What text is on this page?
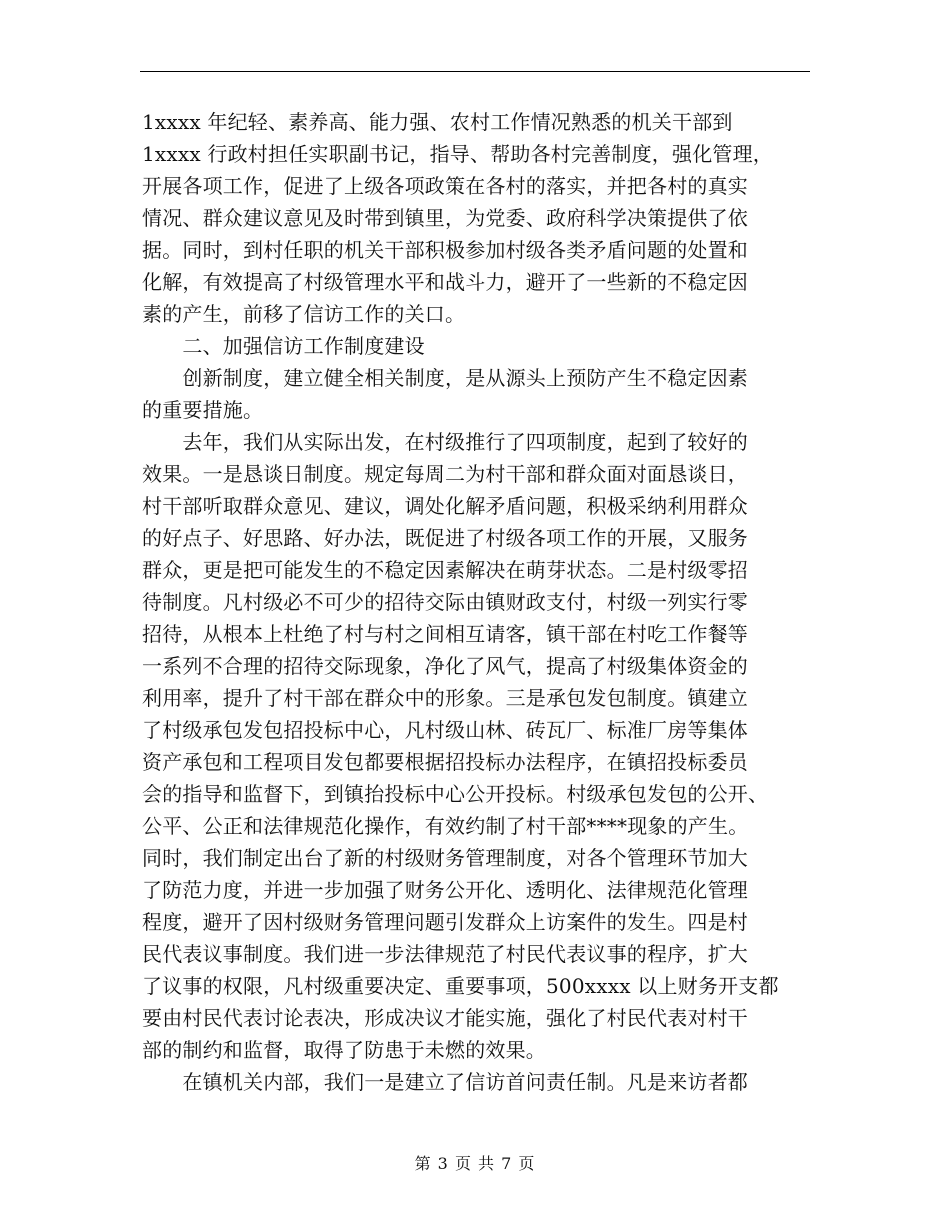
1xxxx 年纪轻、素养高、能力强、农村工作情况熟悉的机关干部到
1xxxx 行政村担任实职副书记，指导、帮助各村完善制度，强化管理，
开展各项工作，促进了上级各项政策在各村的落实，并把各村的真实
情况、群众建议意见及时带到镇里，为党委、政府科学决策提供了依
据。同时，到村任职的机关干部积极参加村级各类矛盾问题的处置和
化解，有效提高了村级管理水平和战斗力，避开了一些新的不稳定因
素的产生，前移了信访工作的关口。
　　二、加强信访工作制度建设
　　创新制度，建立健全相关制度，是从源头上预防产生不稳定因素
的重要措施。
　　去年，我们从实际出发，在村级推行了四项制度，起到了较好的
效果。一是恳谈日制度。规定每周二为村干部和群众面对面恳谈日，
村干部听取群众意见、建议，调处化解矛盾问题，积极采纳利用群众
的好点子、好思路、好办法，既促进了村级各项工作的开展，又服务
群众，更是把可能发生的不稳定因素解决在萌芽状态。二是村级零招
待制度。凡村级必不可少的招待交际由镇财政支付，村级一列实行零
招待，从根本上杜绝了村与村之间相互请客，镇干部在村吃工作餐等
一系列不合理的招待交际现象，净化了风气，提高了村级集体资金的
利用率，提升了村干部在群众中的形象。三是承包发包制度。镇建立
了村级承包发包招投标中心，凡村级山林、砖瓦厂、标准厂房等集体
资产承包和工程项目发包都要根据招投标办法程序，在镇招投标委员
会的指导和监督下，到镇抬投标中心公开投标。村级承包发包的公开、
公平、公正和法律规范化操作，有效约制了村干部****现象的产生。
同时，我们制定出台了新的村级财务管理制度，对各个管理环节加大
了防范力度，并进一步加强了财务公开化、透明化、法律规范化管理
程度，避开了因村级财务管理问题引发群众上访案件的发生。四是村
民代表议事制度。我们进一步法律规范了村民代表议事的程序，扩大
了议事的权限，凡村级重要决定、重要事项，500xxxx 以上财务开支都
要由村民代表讨论表决，形成决议才能实施，强化了村民代表对村干
部的制约和监督，取得了防患于未燃的效果。
　　在镇机关内部，我们一是建立了信访首问责任制。凡是来访者都
第 3 页 共 7 页
